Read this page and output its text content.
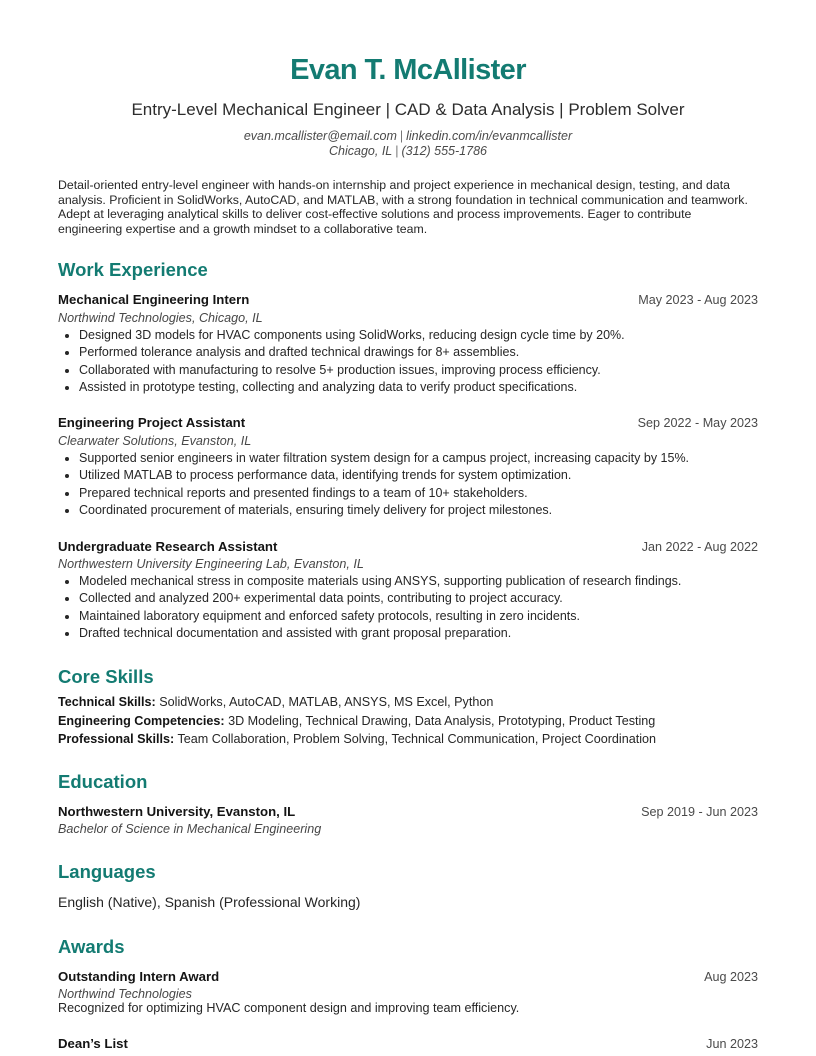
Evan T. McAllister
Entry-Level Mechanical Engineer | CAD & Data Analysis | Problem Solver
evan.mcallister@email.com | linkedin.com/in/evanmcallister
Chicago, IL | (312) 555-1786
Detail-oriented entry-level engineer with hands-on internship and project experience in mechanical design, testing, and data analysis. Proficient in SolidWorks, AutoCAD, and MATLAB, with a strong foundation in technical communication and teamwork. Adept at leveraging analytical skills to deliver cost-effective solutions and process improvements. Eager to contribute engineering expertise and a growth mindset to a collaborative team.
Work Experience
Mechanical Engineering Intern	May 2023 - Aug 2023
Northwind Technologies, Chicago, IL
• Designed 3D models for HVAC components using SolidWorks, reducing design cycle time by 20%.
• Performed tolerance analysis and drafted technical drawings for 8+ assemblies.
• Collaborated with manufacturing to resolve 5+ production issues, improving process efficiency.
• Assisted in prototype testing, collecting and analyzing data to verify product specifications.
Engineering Project Assistant	Sep 2022 - May 2023
Clearwater Solutions, Evanston, IL
• Supported senior engineers in water filtration system design for a campus project, increasing capacity by 15%.
• Utilized MATLAB to process performance data, identifying trends for system optimization.
• Prepared technical reports and presented findings to a team of 10+ stakeholders.
• Coordinated procurement of materials, ensuring timely delivery for project milestones.
Undergraduate Research Assistant	Jan 2022 - Aug 2022
Northwestern University Engineering Lab, Evanston, IL
• Modeled mechanical stress in composite materials using ANSYS, supporting publication of research findings.
• Collected and analyzed 200+ experimental data points, contributing to project accuracy.
• Maintained laboratory equipment and enforced safety protocols, resulting in zero incidents.
• Drafted technical documentation and assisted with grant proposal preparation.
Core Skills
Technical Skills: SolidWorks, AutoCAD, MATLAB, ANSYS, MS Excel, Python
Engineering Competencies: 3D Modeling, Technical Drawing, Data Analysis, Prototyping, Product Testing
Professional Skills: Team Collaboration, Problem Solving, Technical Communication, Project Coordination
Education
Northwestern University, Evanston, IL	Sep 2019 - Jun 2023
Bachelor of Science in Mechanical Engineering
Languages
English (Native), Spanish (Professional Working)
Awards
Outstanding Intern Award	Aug 2023
Northwind Technologies
Recognized for optimizing HVAC component design and improving team efficiency.
Dean’s List	Jun 2023
